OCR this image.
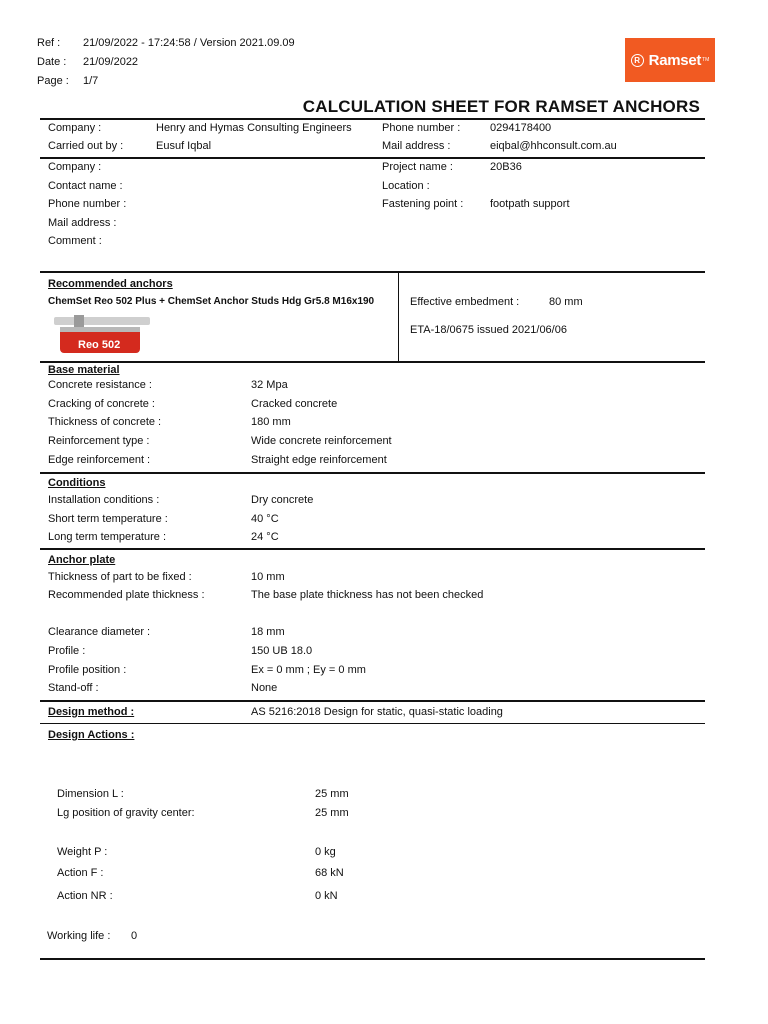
Ref : 21/09/2022 - 17:24:58 / Version 2021.09.09
Date : 21/09/2022
Page : 1/7
R Ramset TM
CALCULATION SHEET FOR RAMSET ANCHORS
Company :	Henry and Hymas Consulting Engineers	Phone number :	0294178400
Carried out by :	Eusuf Iqbal	Mail address :	eiqbal@hhconsult.com.au
Company :
Contact name :
Phone number :
Mail address :
Comment :
Project name :	20B36
Location :
Fastening point : footpath support
Recommended anchors
ChemSet Reo 502 Plus + ChemSet Anchor Studs Hdg Gr5.8 M16x190	Effective embedment :	80 mm
ETA-18/0675 issued 2021/06/06
Reo 502
Base material
Concrete resistance :	32 Mpa
Cracking of concrete :	Cracked concrete
Thickness of concrete :	180 mm
Reinforcement type :	Wide concrete reinforcement
Edge reinforcement :	Straight edge reinforcement
Conditions
Installation conditions :	Dry concrete
Short term temperature :	40 °C
Long term temperature :	24 °C
Anchor plate
Thickness of part to be fixed :	10 mm
Recommended plate thickness :	The base plate thickness has not been checked
Clearance diameter :	18 mm
Profile :	150 UB 18.0
Profile position :	Ex = 0 mm ; Ey = 0 mm
Stand-off :	None
Design method :	AS 5216:2018 Design for static, quasi-static loading
Design Actions :
Dimension L :	25 mm
Lg position of gravity center:	25 mm
Weight P :	0 kg
Action F :	68 kN
Action NR :	0 kN
Working life : 0
